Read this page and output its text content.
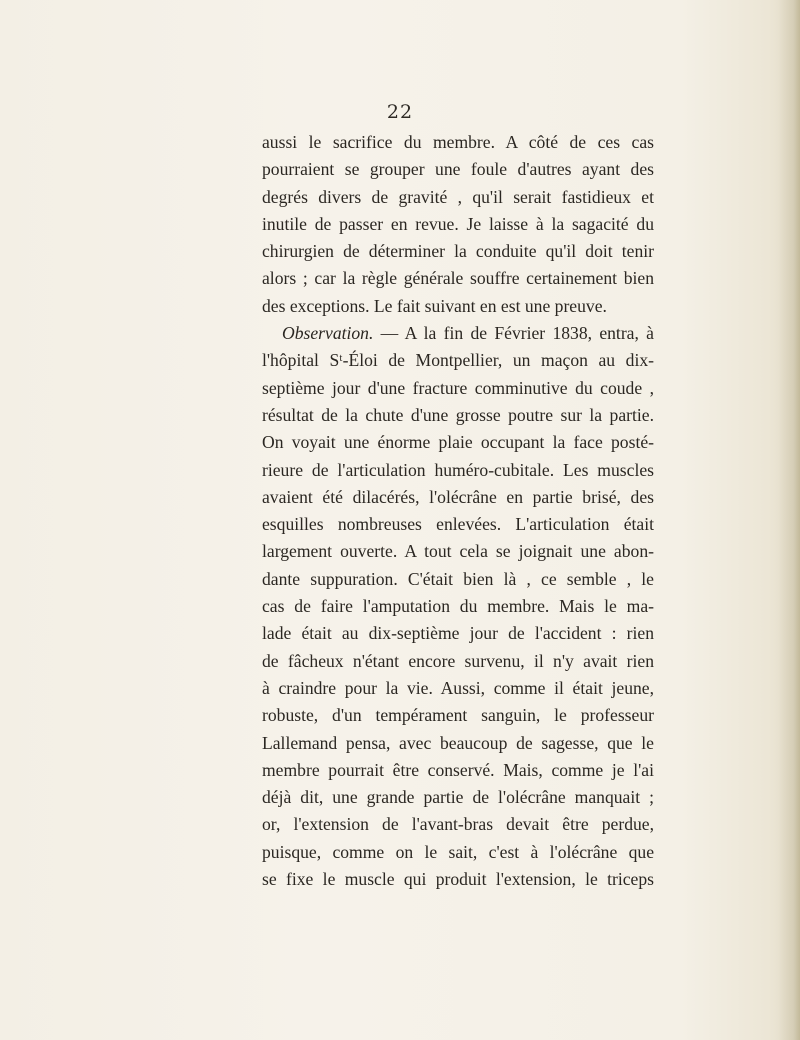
22
aussi le sacrifice du membre. A côté de ces cas
pourraient se grouper une foule d'autres ayant des
degrés divers de gravité , qu'il serait fastidieux et
inutile de passer en revue. Je laisse à la sagacité du
chirurgien de déterminer la conduite qu'il doit tenir
alors ; car la règle générale souffre certainement bien
des exceptions. Le fait suivant en est une preuve.
Observation. — A la fin de Février 1838, entra, à
l'hôpital Sᵗ-Éloi de Montpellier, un maçon au dix-
septième jour d'une fracture comminutive du coude ,
résultat de la chute d'une grosse poutre sur la partie.
On voyait une énorme plaie occupant la face posté-
rieure de l'articulation huméro-cubitale. Les muscles
avaient été dilacérés, l'olécrâne en partie brisé, des
esquilles nombreuses enlevées. L'articulation était
largement ouverte. A tout cela se joignait une abon-
dante suppuration. C'était bien là , ce semble , le
cas de faire l'amputation du membre. Mais le ma-
lade était au dix-septième jour de l'accident : rien
de fâcheux n'étant encore survenu, il n'y avait rien
à craindre pour la vie. Aussi, comme il était jeune,
robuste, d'un tempérament sanguin, le professeur
Lallemand pensa, avec beaucoup de sagesse, que le
membre pourrait être conservé. Mais, comme je l'ai
déjà dit, une grande partie de l'olécrâne manquait ;
or, l'extension de l'avant-bras devait être perdue,
puisque, comme on le sait, c'est à l'olécrâne que
se fixe le muscle qui produit l'extension, le triceps
